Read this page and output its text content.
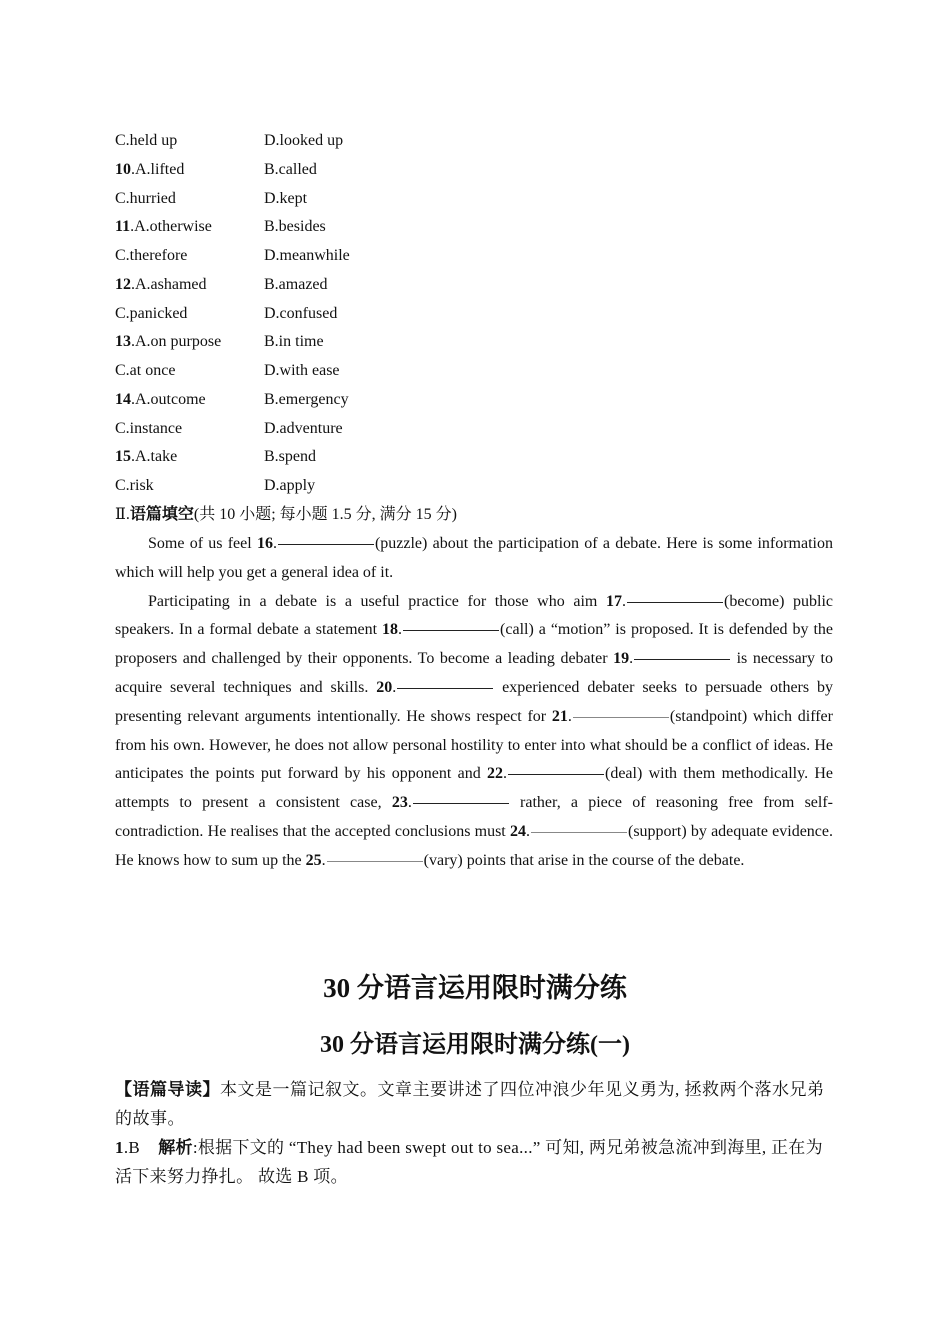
C.held up	D.looked up
10.A.lifted	B.called
C.hurried	D.kept
11.A.otherwise	B.besides
C.therefore	D.meanwhile
12.A.ashamed	B.amazed
C.panicked	D.confused
13.A.on purpose	B.in time
C.at once	D.with ease
14.A.outcome	B.emergency
C.instance	D.adventure
15.A.take	B.spend
C.risk	D.apply
Ⅱ.语篇填空(共 10 小题; 每小题 1.5 分, 满分 15 分)

Some of us feel 16.	(puzzle) about the participation of a debate. Here is some information which will help you get a general idea of it.

Participating in a debate is a useful practice for those who aim 17.	(become) public speakers. In a formal debate a statement 18.	(call) a “motion” is proposed. It is defended by the proposers and challenged by their opponents. To become a leading debater 19.	is necessary to acquire several techniques and skills. 20.	experienced debater seeks to persuade others by presenting relevant arguments intentionally. He shows respect for 21.	(standpoint) which differ from his own. However, he does not allow personal hostility to enter into what should be a conflict of ideas. He anticipates the points put forward by his opponent and 22.	(deal) with them methodically. He attempts to present a consistent case, 23.	rather, a piece of reasoning free from self-contradiction. He realises that the accepted conclusions must 24.	(support) by adequate evidence. He knows how to sum up the 25.	(vary) points that arise in the course of the debate.

30 分语言运用限时满分练
30 分语言运用限时满分练(一)
【语篇导读】本文是一篇记叙文。文章主要讲述了四位冲浪少年见义勇为, 拯救两个落水兄弟的故事。
1.B 解析:根据下文的 “They had been swept out to sea...” 可知, 两兄弟被急流冲到海里, 正在为活下来努力挣扎。 故选 B 项。
